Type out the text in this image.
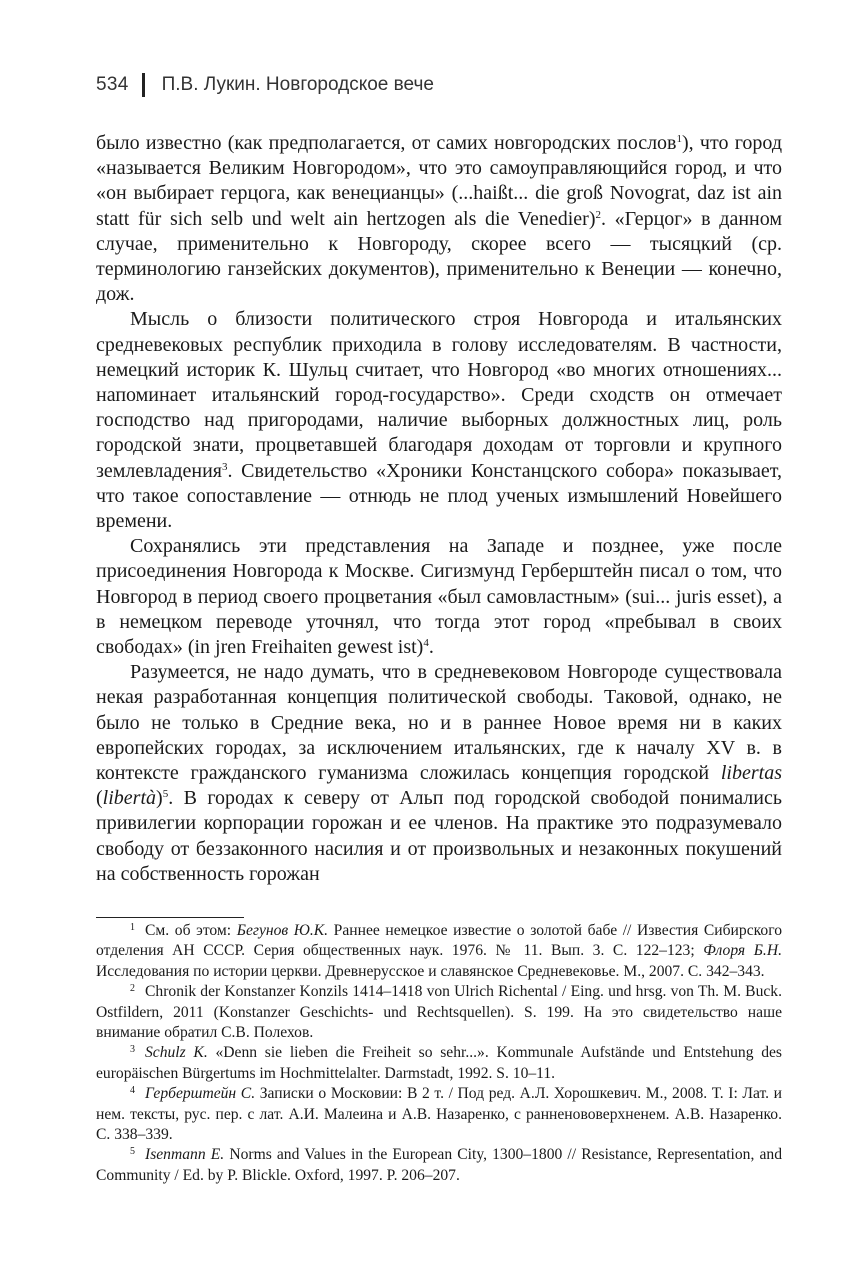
534 П.В. Лукин. Новгородское вече

было известно (как предполагается, от самих новгородских послов$^1$), что город «называется Великим Новгородом», что это самоуправляющийся город, и что «он выбирает герцога, как венецианцы» (...haißt... die groß Novograt, daz ist ain statt für sich selb und welt ain hertzogen als die Venedier)$^2$. «Герцог» в данном случае, применительно к Новгороду, скорее всего — тысяцкий (ср. терминологию ганзейских документов), применительно к Венеции — конечно, дож.

Мысль о близости политического строя Новгорода и итальянских средневековых республик приходила в голову исследователям. В частности, немецкий историк К. Шульц считает, что Новгород «во многих отношениях... напоминает итальянский город-государство». Среди сходств он отмечает господство над пригородами, наличие выборных должностных лиц, роль городской знати, процветавшей благодаря доходам от торговли и крупного землевладения$^3$. Свидетельство «Хроники Констанцского собора» показывает, что такое сопоставление — отнюдь не плод ученых измышлений Новейшего времени.

Сохранялись эти представления на Западе и позднее, уже после присоединения Новгорода к Москве. Сигизмунд Герберштейн писал о том, что Новгород в период своего процветания «был самовластным» (sui... juris esset), а в немецком переводе уточнял, что тогда этот город «пребывал в своих свободах» (in jren Freihaiten gewest ist)$^4$.

Разумеется, не надо думать, что в средневековом Новгороде существовала некая разработанная концепция политической свободы. Таковой, однако, не было не только в Средние века, но и в раннее Новое время ни в каких европейских городах, за исключением итальянских, где к началу XV в. в контексте гражданского гуманизма сложилась концепция городской libertas (libertà)$^5$. В городах к северу от Альп под городской свободой понимались привилегии корпорации горожан и ее членов. На практике это подразумевало свободу от беззаконного насилия и от произвольных и незаконных покушений на собственность горожан

$^1$ См. об этом: Бегунов Ю.К. Раннее немецкое известие о золотой бабе // Известия Сибирского отделения АН СССР. Серия общественных наук. 1976. № 11. Вып. 3. С. 122–123; Флоря Б.Н. Исследования по истории церкви. Древнерусское и славянское Средневековье. М., 2007. С. 342–343.

$^2$ Chronik der Konstanzer Konzils 1414–1418 von Ulrich Richental / Eing. und hrsg. von Th. M. Buck. Ostfildern, 2011 (Konstanzer Geschichts- und Rechtsquellen). S. 199. На это свидетельство наше внимание обратил С.В. Полехов.

$^3$ Schulz K. «Denn sie lieben die Freiheit so sehr...». Kommunale Aufstände und Entstehung des europäischen Bürgertums im Hochmittelalter. Darmstadt, 1992. S. 10–11.

$^4$ Герберштейн С. Записки о Московии: В 2 т. / Под ред. А.Л. Хорошкевич. М., 2008. Т. I: Лат. и нем. тексты, рус. пер. с лат. А.И. Малеина и А.В. Назаренко, с ранненововерхненем. А.В. Назаренко. С. 338–339.

$^5$ Isenmann E. Norms and Values in the European City, 1300–1800 // Resistance, Representation, and Community / Ed. by P. Blickle. Oxford, 1997. P. 206–207.
